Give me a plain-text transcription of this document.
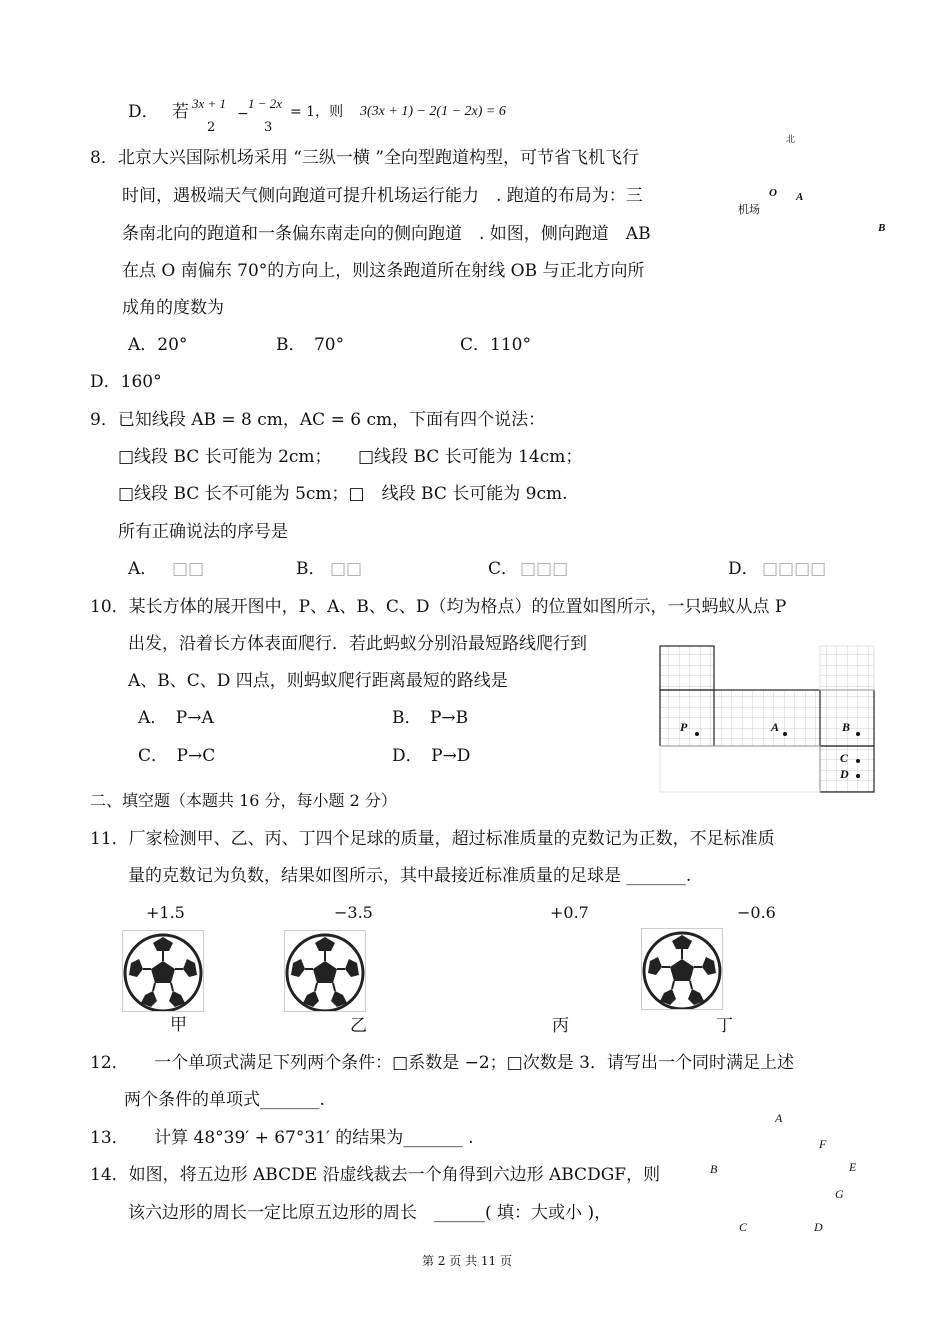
D． 若 3x + 1
2
−
1 − 2x
3
= 1，则 3(3x + 1) − 2(1 − 2x) = 6
8．北京大兴国际机场采用 “三纵一横 ”全向型跑道构型，可节省飞机飞行
时间，遇极端天气侧向跑道可提升机场运行能力　. 跑道的布局为：三
条南北向的跑道和一条偏东南走向的侧向跑道　. 如图，侧向跑道　AB
在点 O 南偏东 70°的方向上，则这条跑道所在射线 OB 与正北方向所
成角的度数为
A．20°	B．　70°	C．110°
D．160°
北
机场
O A
B
9．已知线段 AB = 8 cm，AC = 6 cm，下面有四个说法：
□线段 BC 长可能为 2cm； □线段 BC 长可能为 14cm；
□线段 BC 长不可能为 5cm；□　线段 BC 长可能为 9cm.
所有正确说法的序号是
A． □□	B． □□	C． □□□	D． □□□□
10．某长方体的展开图中，P、A、B、C、D（均为格点）的位置如图所示，一只蚂蚁从点 P
出发，沿着长方体表面爬行．若此蚂蚁分别沿最短路线爬行到
A、B、C、D 四点，则蚂蚁爬行距离最短的路线是
A．　P→A	B．　P→B
C．　P→C	D．　P→D
P	A	B
C
D
二、填空题（本题共 16 分，每小题 2 分）
11．厂家检测甲、乙、丙、丁四个足球的质量，超过标准质量的克数记为正数，不足标准质
量的克数记为负数，结果如图所示，其中最接近标准质量的足球是 _______.
+1.5	−3.5	+0.7	−0.6
甲	乙	丙	丁
12．　　一个单项式满足下列两个条件：□系数是 −2；□次数是 3．请写出一个同时满足上述
两个条件的单项式_______.
13．　　计算 48°39′ + 67°31′ 的结果为_______ .
14．如图，将五边形 ABCDE 沿虚线裁去一个角得到六边形 ABCDGF，则
该六边形的周长一定比原五边形的周长　______( 填：大或小 )，
A
F
B	E
G
C	D
第 2 页 共 11 页
